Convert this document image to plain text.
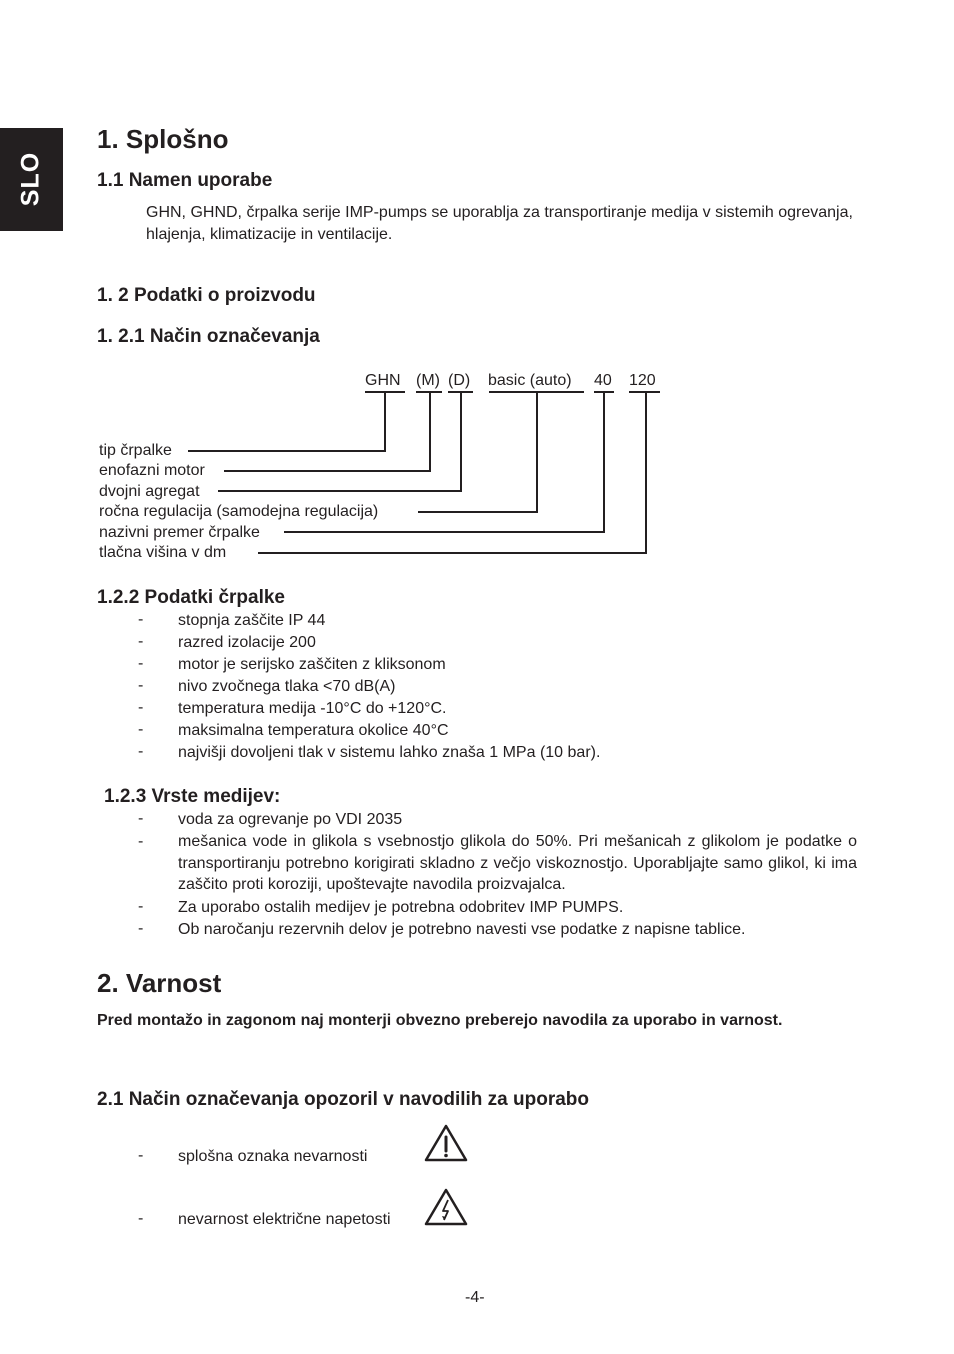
SLO
1. Splošno
1.1 Namen uporabe
GHN, GHND, črpalka serije IMP-pumps se uporablja za transportiranje medija v sistemih ogrevanja, hlajenja, klimatizacije in ventilacije.
1. 2 Podatki o proizvodu
1. 2.1 Način označevanja
GHN (M) (D) basic (auto) 40 120
tip črpalke
enofazni motor
dvojni agregat
ročna regulacija (samodejna regulacija)
nazivni premer črpalke
tlačna višina v dm
1.2.2 Podatki črpalke
- stopnja zaščite IP 44
- razred izolacije 200
- motor je serijsko zaščiten z kliksonom
- nivo zvočnega tlaka <70 dB(A)
- temperatura medija -10°C do +120°C.
- maksimalna temperatura okolice 40°C
- najvišji dovoljeni tlak v sistemu lahko znaša 1 MPa (10 bar).
1.2.3 Vrste medijev:
- voda za ogrevanje po VDI 2035
- mešanica vode in glikola s vsebnostjo glikola do 50%. Pri mešanicah z glikolom je podatke o transportiranju potrebno korigirati skladno z večjo viskoznostjo. Uporabljajte samo glikol, ki ima zaščito proti koroziji, upoštevajte navodila proizvajalca.
- Za uporabo ostalih medijev je potrebna odobritev IMP PUMPS.
- Ob naročanju rezervnih delov je potrebno navesti vse podatke z napisne tablice.
2. Varnost
Pred montažo in zagonom naj monterji obvezno preberejo navodila za uporabo in varnost.
2.1 Način označevanja opozoril v navodilih za uporabo
- splošna oznaka nevarnosti
- nevarnost električne napetosti
-4-
